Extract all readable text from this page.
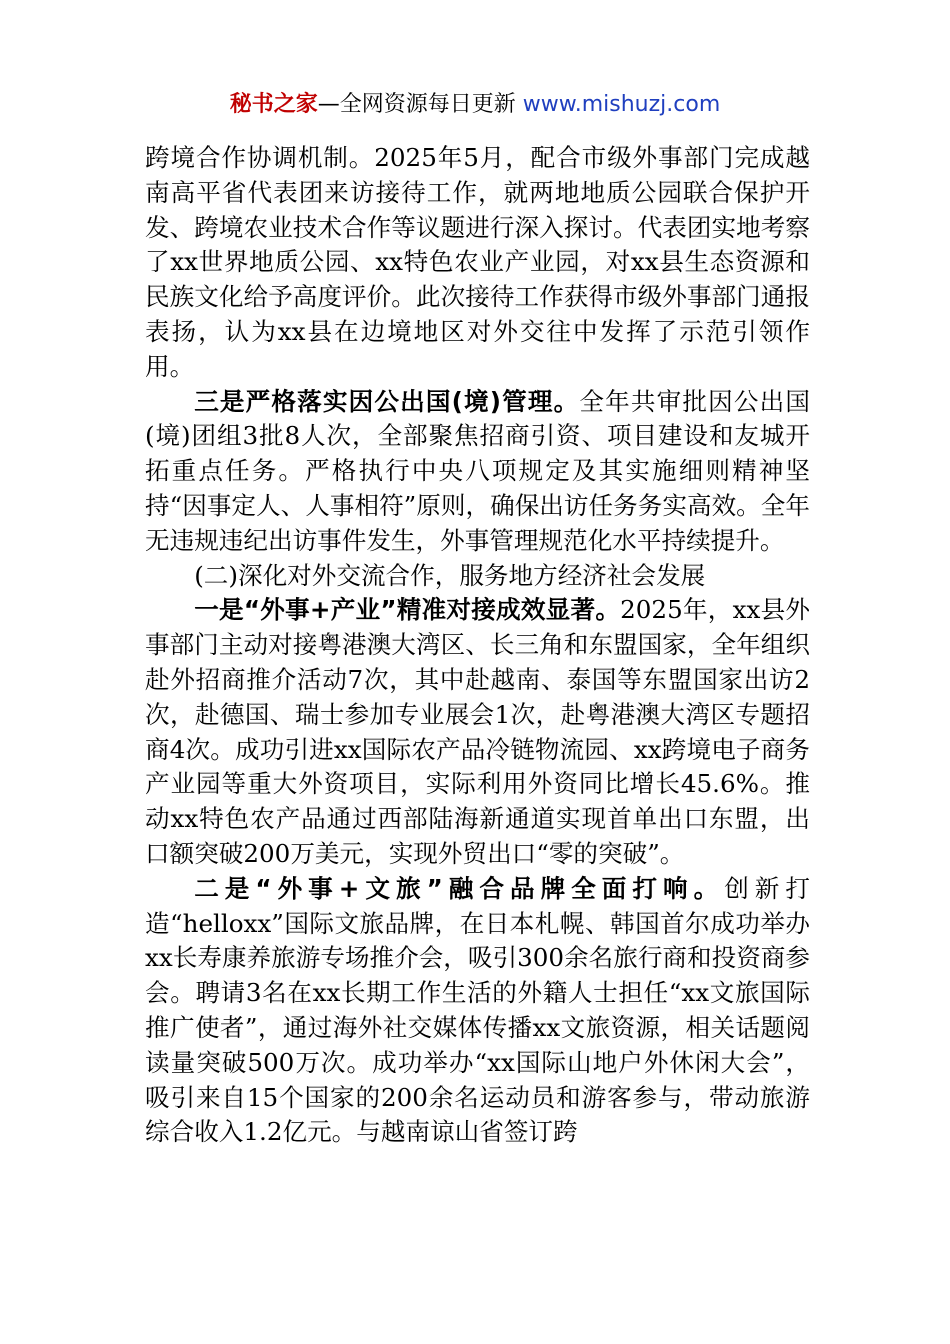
秘书之家—全网资源每日更新 www.mishuzj.com

跨境合作协调机制。2025年5月，配合市级外事部门完成越南高平省代表团来访接待工作，就两地地质公园联合保护开发、跨境农业技术合作等议题进行深入探讨。代表团实地考察了xx世界地质公园、xx特色农业产业园，对xx县生态资源和民族文化给予高度评价。此次接待工作获得市级外事部门通报表扬，认为xx县在边境地区对外交往中发挥了示范引领作用。

三是严格落实因公出国(境)管理。全年共审批因公出国(境)团组3批8人次，全部聚焦招商引资、项目建设和友城开拓重点任务。严格执行中央八项规定及其实施细则精神坚持“因事定人、人事相符”原则，确保出访任务务实高效。全年无违规违纪出访事件发生，外事管理规范化水平持续提升。

(二)深化对外交流合作，服务地方经济社会发展

一是“外事+产业”精准对接成效显著。2025年，xx县外事部门主动对接粤港澳大湾区、长三角和东盟国家，全年组织赴外招商推介活动7次，其中赴越南、泰国等东盟国家出访2次，赴德国、瑞士参加专业展会1次，赴粤港澳大湾区专题招商4次。成功引进xx国际农产品冷链物流园、xx跨境电子商务产业园等重大外资项目，实际利用外资同比增长45.6%。推动xx特色农产品通过西部陆海新通道实现首单出口东盟，出口额突破200万美元，实现外贸出口“零的突破”。

二是“外事+文旅”融合品牌全面打响。创新打造“helloxx”国际文旅品牌，在日本札幌、韩国首尔成功举办xx长寿康养旅游专场推介会，吸引300余名旅行商和投资商参会。聘请3名在xx长期工作生活的外籍人士担任“xx文旅国际推广使者”，通过海外社交媒体传播xx文旅资源，相关话题阅读量突破500万次。成功举办“xx国际山地户外休闲大会”，吸引来自15个国家的200余名运动员和游客参与，带动旅游综合收入1.2亿元。与越南谅山省签订跨
